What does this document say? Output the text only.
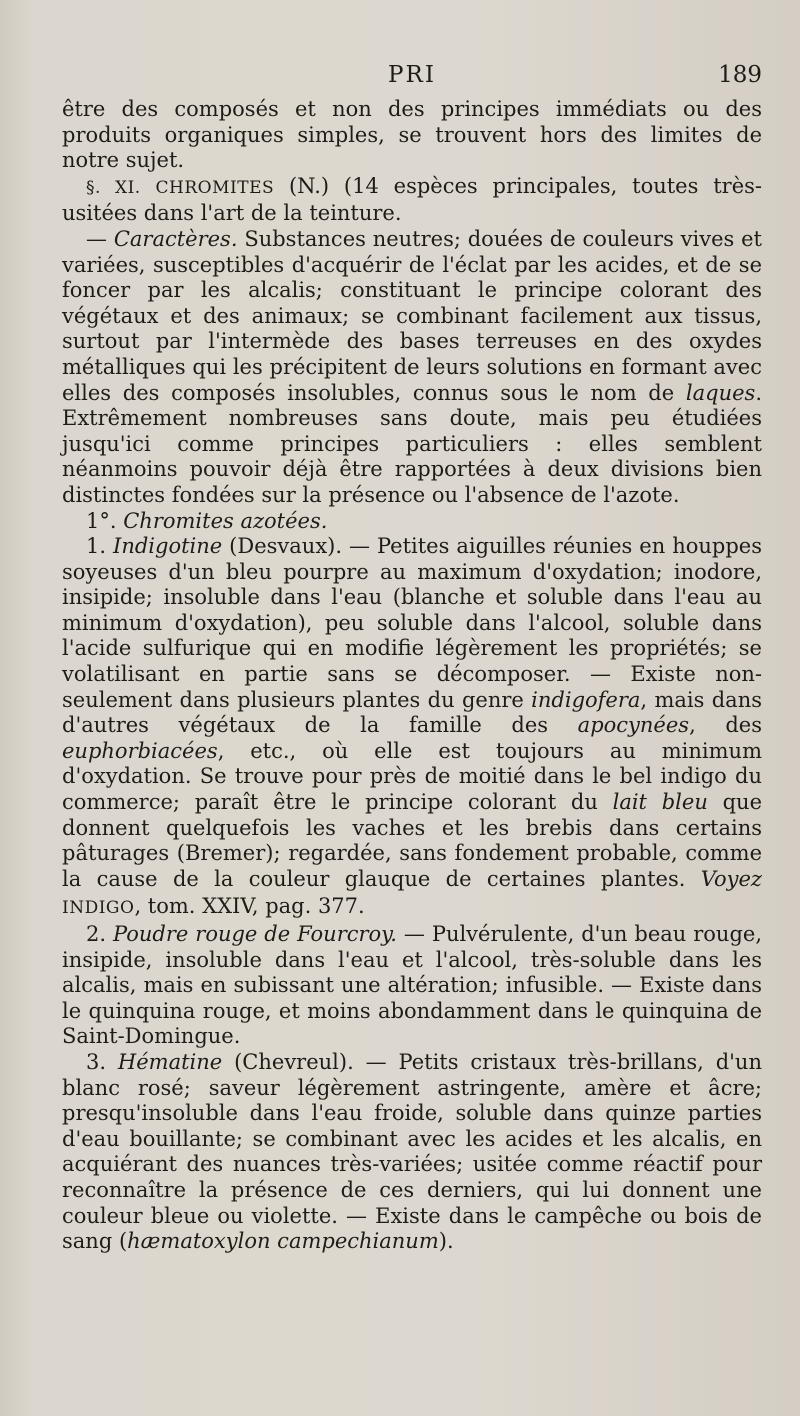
PRI	189

être des composés et non des principes immédiats ou des produits organiques simples, se trouvent hors des limites de notre sujet.

§. XI. CHROMITES (N.) (14 espèces principales, toutes très-usitées dans l'art de la teinture.

— Caractères. Substances neutres; douées de couleurs vives et variées, susceptibles d'acquérir de l'éclat par les acides, et de se foncer par les alcalis; constituant le principe colorant des végétaux et des animaux; se combinant facilement aux tissus, surtout par l'intermède des bases terreuses en des oxydes métalliques qui les précipitent de leurs solutions en formant avec elles des composés insolubles, connus sous le nom de laques. Extrêmement nombreuses sans doute, mais peu étudiées jusqu'ici comme principes particuliers : elles semblent néanmoins pouvoir déjà être rapportées à deux divisions bien distinctes fondées sur la présence ou l'absence de l'azote.

1°. Chromites azotées.

1. Indigotine (Desvaux). — Petites aiguilles réunies en houppes soyeuses d'un bleu pourpre au maximum d'oxydation; inodore, insipide; insoluble dans l'eau (blanche et soluble dans l'eau au minimum d'oxydation), peu soluble dans l'alcool, soluble dans l'acide sulfurique qui en modifie légèrement les propriétés; se volatilisant en partie sans se décomposer. — Existe non-seulement dans plusieurs plantes du genre indigofera, mais dans d'autres végétaux de la famille des apocynées, des euphorbiacées, etc., où elle est toujours au minimum d'oxydation. Se trouve pour près de moitié dans le bel indigo du commerce; paraît être le principe colorant du lait bleu que donnent quelquefois les vaches et les brebis dans certains pâturages (Bremer); regardée, sans fondement probable, comme la cause de la couleur glauque de certaines plantes. Voyez INDIGO, tom. XXIV, pag. 377.

2. Poudre rouge de Fourcroy. — Pulvérulente, d'un beau rouge, insipide, insoluble dans l'eau et l'alcool, très-soluble dans les alcalis, mais en subissant une altération; infusible. — Existe dans le quinquina rouge, et moins abondamment dans le quinquina de Saint-Domingue.

3. Hématine (Chevreul). — Petits cristaux très-brillans, d'un blanc rosé; saveur légèrement astringente, amère et âcre; presqu'insoluble dans l'eau froide, soluble dans quinze parties d'eau bouillante; se combinant avec les acides et les alcalis, en acquiérant des nuances très-variées; usitée comme réactif pour reconnaître la présence de ces derniers, qui lui donnent une couleur bleue ou violette. — Existe dans le campêche ou bois de sang (hæmatoxylon campechianum).
